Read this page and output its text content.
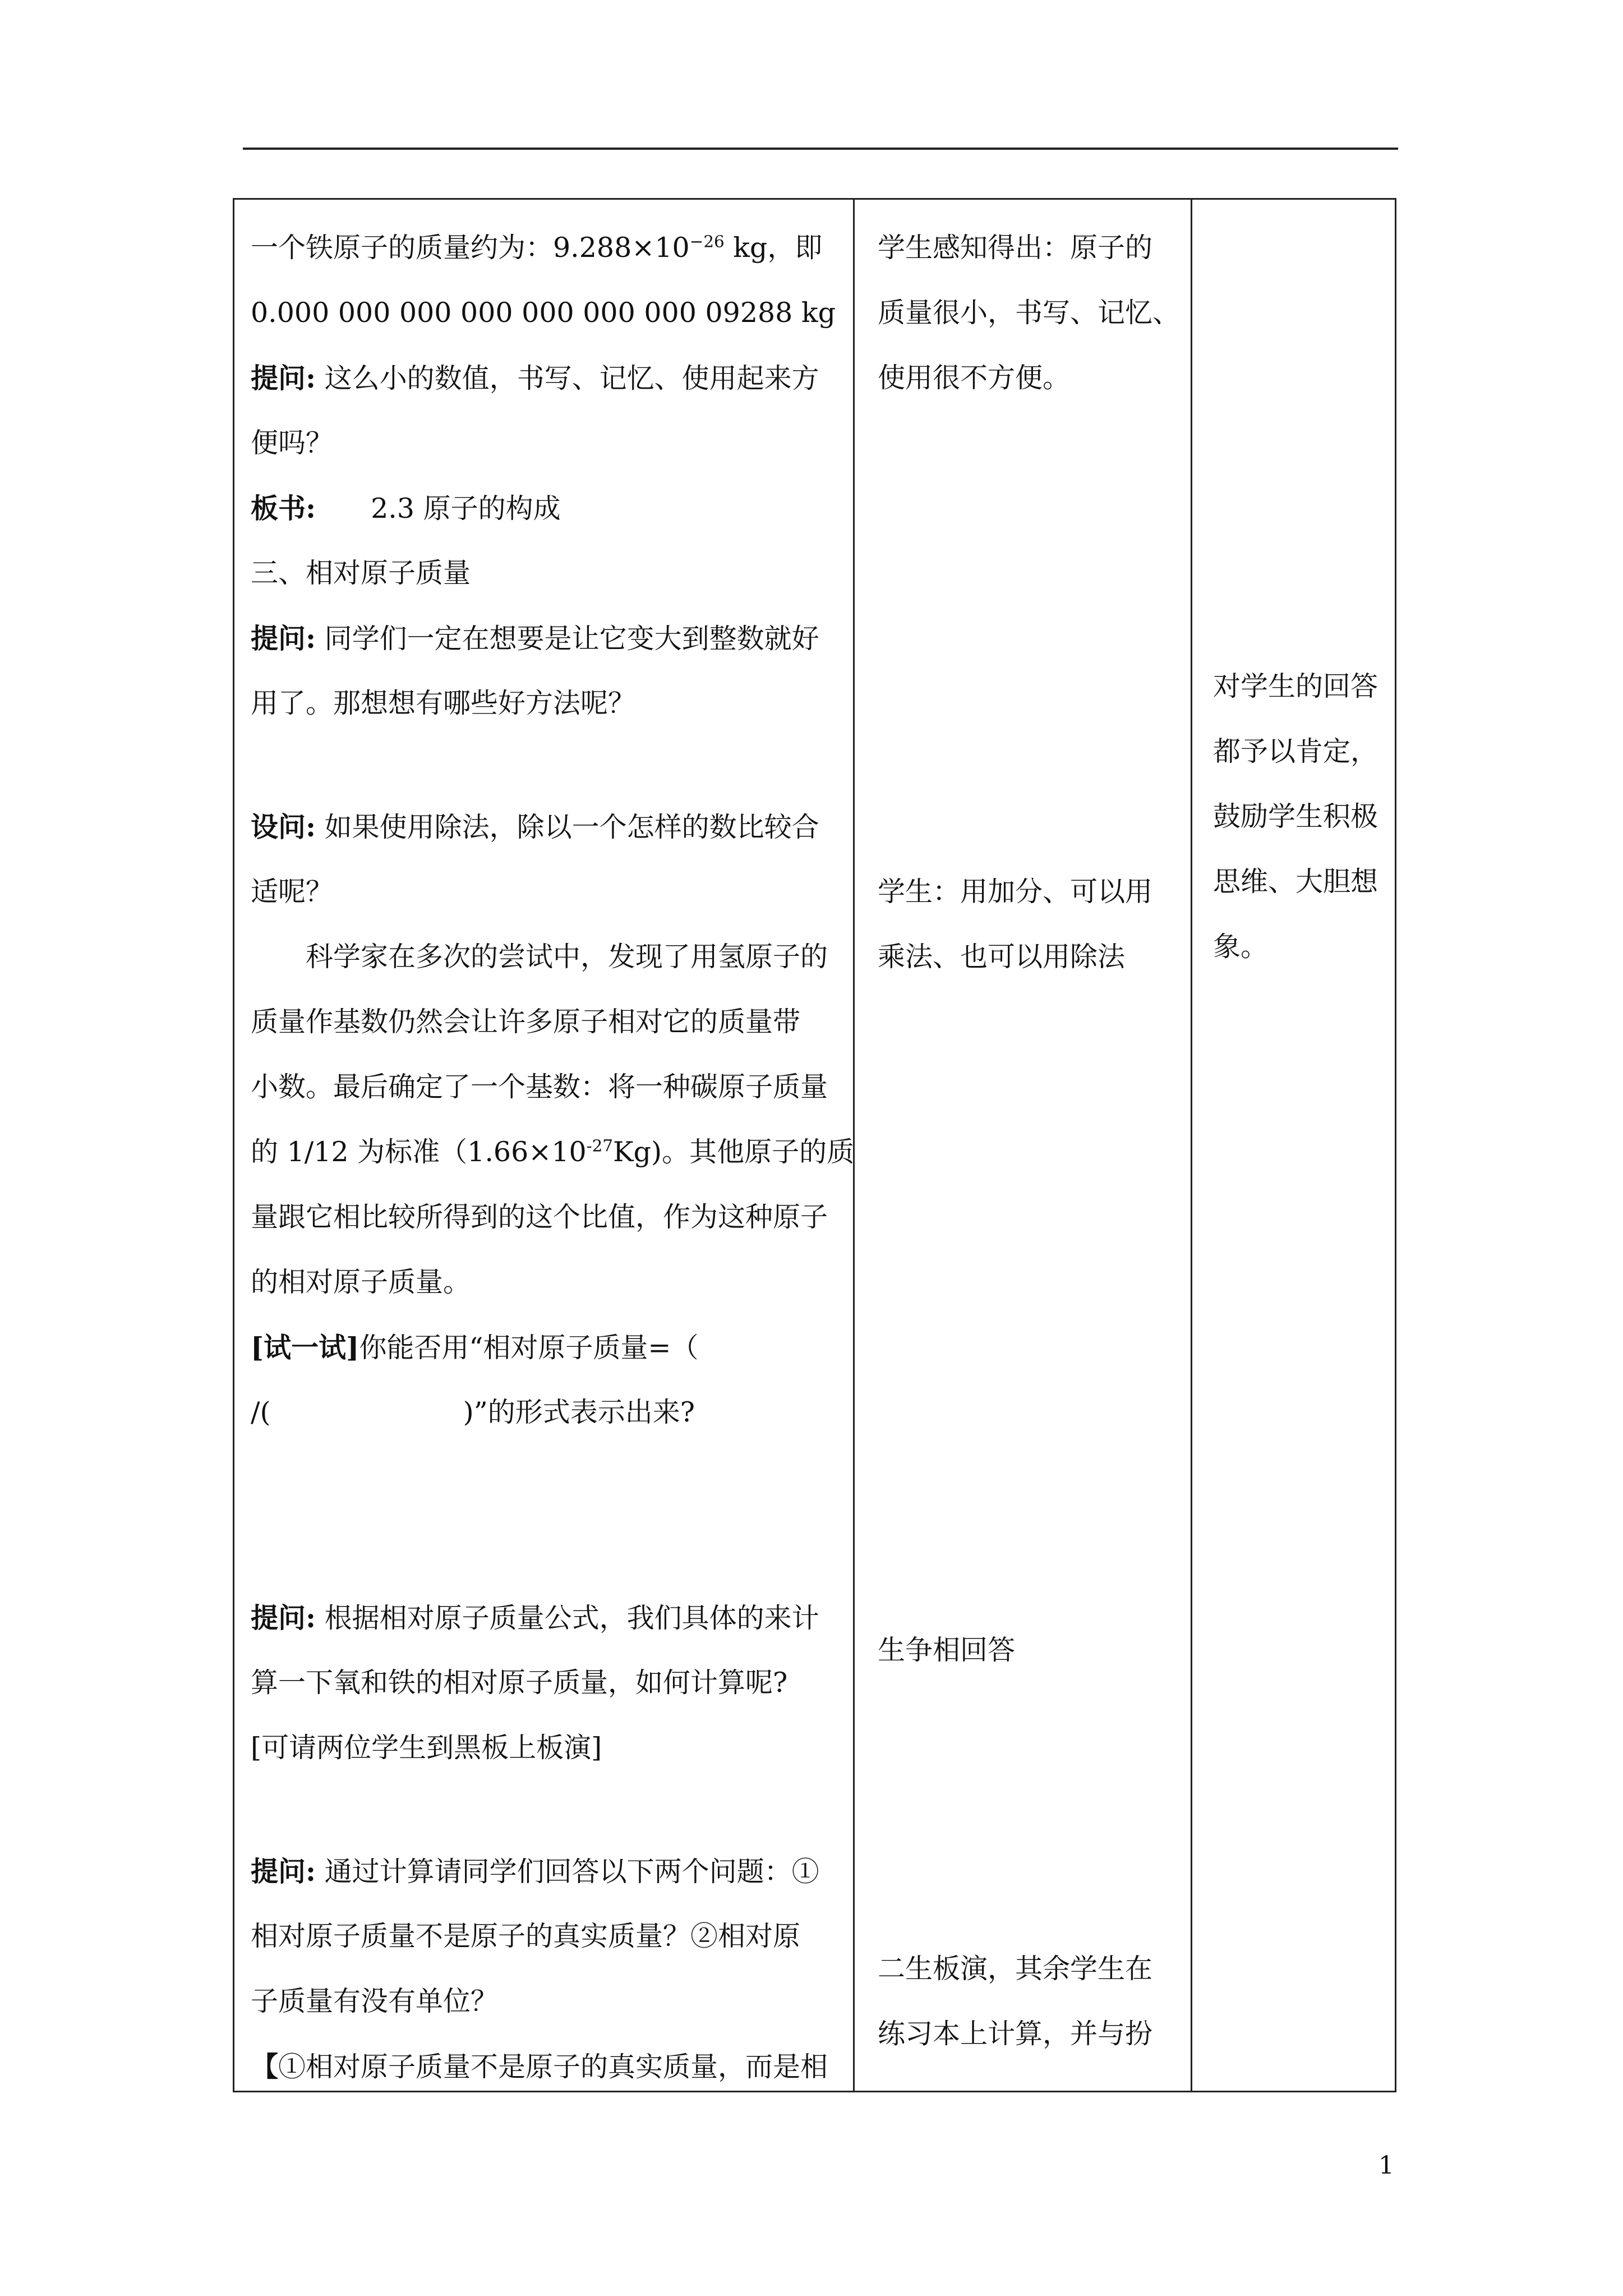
一个铁原子的质量约为：$9.288\times 10^{-26}$ kg，即
0.000 000 000 000 000 000 000 09288 kg
提问: 这么小的数值，书写、记忆、使用起来方
便吗？
板书:　　2.3 原子的构成
三、相对原子质量
提问: 同学们一定在想要是让它变大到整数就好
用了。那想想有哪些好方法呢？
设问: 如果使用除法，除以一个怎样的数比较合
适呢？
　　科学家在多次的尝试中，发现了用氢原子的
质量作基数仍然会让许多原子相对它的质量带
小数。最后确定了一个基数：将一种碳原子质量
的 1/12 为标准$(1.66\times 10^{-27}Kg)$。其他原子的质
量跟它相比较所得到的这个比值，作为这种原子
的相对原子质量。
[试一试]你能否用“相对原子质量=（
/(　　　　　　　)”的形式表示出来?
提问: 根据相对原子质量公式，我们具体的来计
算一下氧和铁的相对原子质量，如何计算呢?
[可请两位学生到黑板上板演]
提问: 通过计算请同学们回答以下两个问题：①
相对原子质量不是原子的真实质量？②相对原
子质量有没有单位？
【①相对原子质量不是原子的真实质量，而是相
学生感知得出：原子的
质量很小，书写、记忆、
使用很不方便。
学生：用加分、可以用
乘法、也可以用除法
生争相回答
二生板演，其余学生在
练习本上计算，并与扮
对学生的回答
都予以肯定，
鼓励学生积极
思维、大胆想
象。
1
